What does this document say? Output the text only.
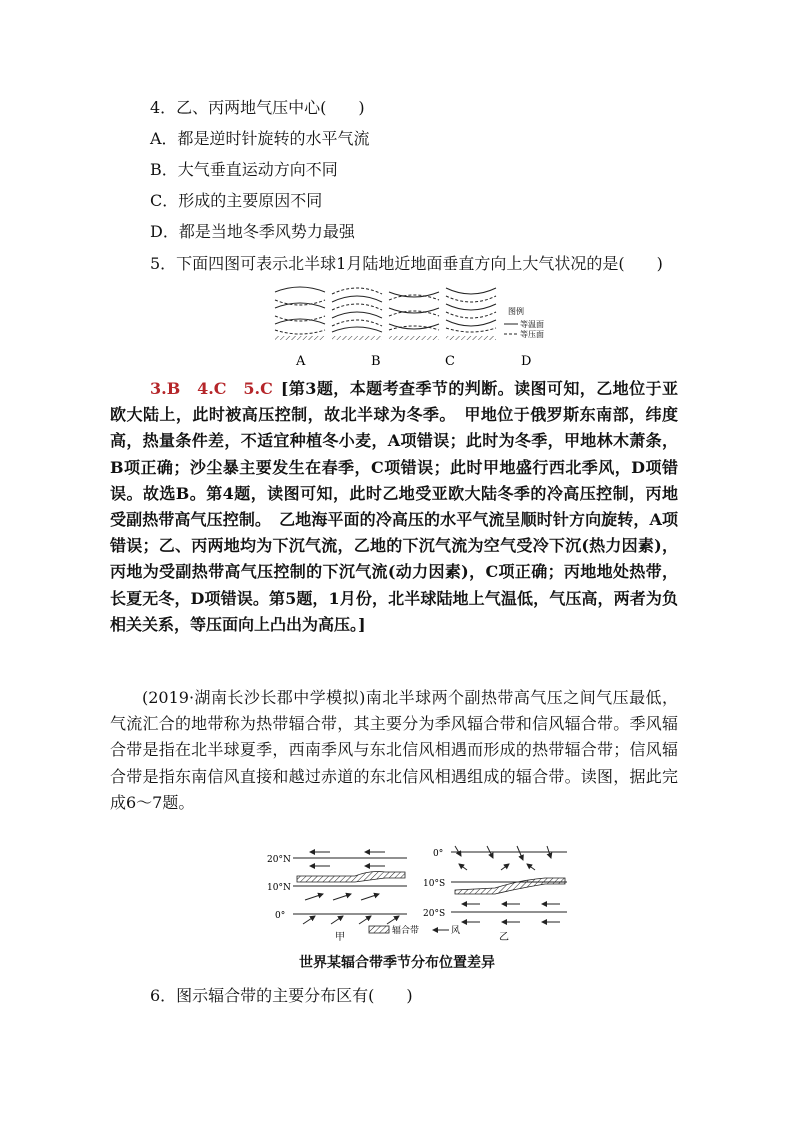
4．乙、丙两地气压中心(　　)
A．都是逆时针旋转的水平气流
B．大气垂直运动方向不同
C．形成的主要原因不同
D．都是当地冬季风势力最强
5．下面四图可表示北半球1月陆地近地面垂直方向上大气状况的是(　　)
图例
等温面
等压面
A	B	C	D
3.B　4.C　5.C [第3题，本题考查季节的判断。读图可知，乙地位于亚欧大陆上，此时被高压控制，故北半球为冬季。　甲地位于俄罗斯东南部，纬度高，热量条件差，不适宜种植冬小麦，A项错误；此时为冬季，甲地林木萧条，B项正确；沙尘暴主要发生在春季，C项错误；此时甲地盛行西北季风，D项错误。故选B。第4题，读图可知，此时乙地受亚欧大陆冬季的冷高压控制，丙地受副热带高气压控制。　乙地海平面的冷高压的水平气流呈顺时针方向旋转，A项错误；乙、丙两地均为下沉气流，乙地的下沉气流为空气受冷下沉(热力因素)，丙地为受副热带高气压控制的下沉气流(动力因素)，C项正确；丙地地处热带，长夏无冬，D项错误。第5题，1月份，北半球陆地上气温低，气压高，两者为负相关关系，等压面向上凸出为高压。]
(2019·湖南长沙长郡中学模拟)南北半球两个副热带高气压之间气压最低，气流汇合的地带称为热带辐合带，其主要分为季风辐合带和信风辐合带。季风辐合带是指在北半球夏季，西南季风与东北信风相遇而形成的热带辐合带；信风辐合带是指东南信风直接和越过赤道的东北信风相遇组成的辐合带。读图，据此完成6～7题。
20°N
10°N
0°
甲
0°
10°S
20°S
乙
辐合带	风
世界某辐合带季节分布位置差异
6．图示辐合带的主要分布区有(　　)
